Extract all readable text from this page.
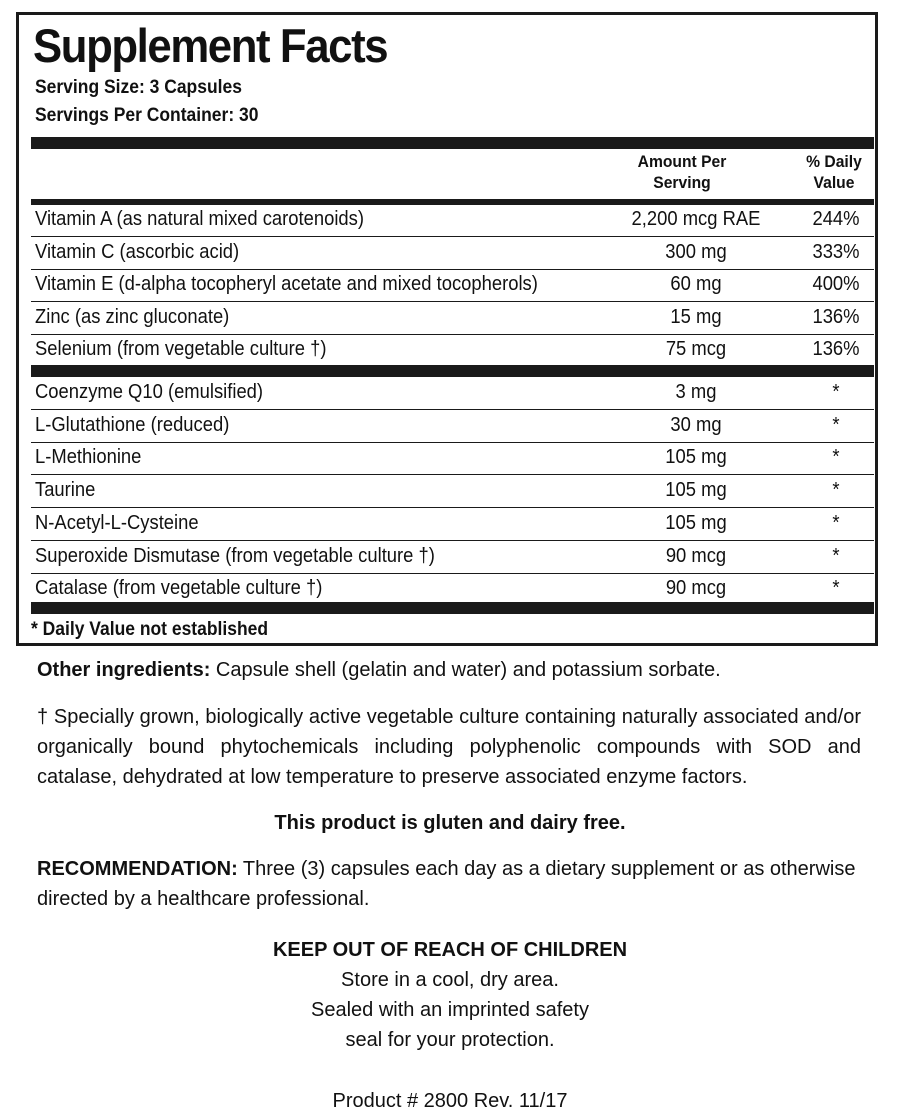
Supplement Facts
Serving Size: 3 Capsules
Servings Per Container: 30
Amount Per
Serving
% Daily
Value
Vitamin A (as natural mixed carotenoids)	2,200 mcg RAE	244%
Vitamin C (ascorbic acid)	300 mg	333%
Vitamin E (d-alpha tocopheryl acetate and mixed tocopherols)	60 mg	400%
Zinc (as zinc gluconate)	15 mg	136%
Selenium (from vegetable culture †)	75 mcg	136%
Coenzyme Q10 (emulsified)	3 mg	*
L-Glutathione (reduced)	30 mg	*
L-Methionine	105 mg	*
Taurine	105 mg	*
N-Acetyl-L-Cysteine	105 mg	*
Superoxide Dismutase (from vegetable culture †)	90 mcg	*
Catalase (from vegetable culture †)	90 mcg	*
* Daily Value not established

Other ingredients: Capsule shell (gelatin and water) and potassium sorbate.

† Specially grown, biologically active vegetable culture containing naturally associated and/or organically bound phytochemicals including polyphenolic compounds with SOD and catalase, dehydrated at low temperature to preserve associated enzyme factors.

This product is gluten and dairy free.

RECOMMENDATION: Three (3) capsules each day as a dietary supplement or as otherwise directed by a healthcare professional.

KEEP OUT OF REACH OF CHILDREN
Store in a cool, dry area.
Sealed with an imprinted safety
seal for your protection.
Product # 2800 Rev. 11/17
